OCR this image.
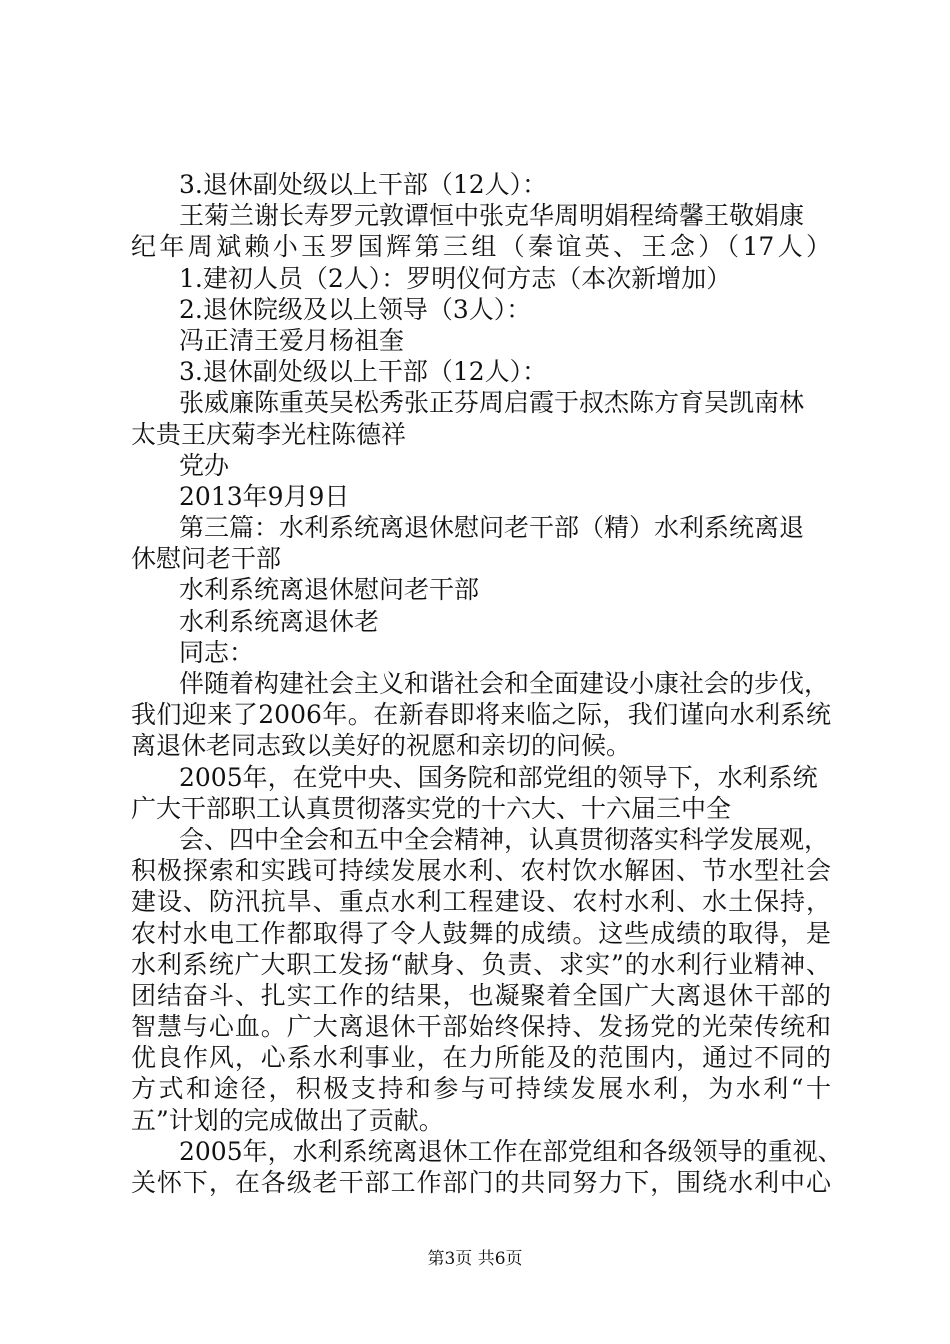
3.退休副处级以上干部（12人）：
王菊兰谢长寿罗元敦谭恒中张克华周明娟程绮馨王敬娟康
纪年周斌赖小玉罗国辉第三组（秦谊英、王念）（17人）
1.建初人员（2人）：罗明仪何方志（本次新增加）
2.退休院级及以上领导（3人）：
冯正清王爱月杨祖奎
3.退休副处级以上干部（12人）：
张威廉陈重英吴松秀张正芬周启霞于叔杰陈方育吴凯南林
太贵王庆菊李光柱陈德祥
党办
2013年9月9日
第三篇：水利系统离退休慰问老干部（精）水利系统离退
休慰问老干部
水利系统离退休慰问老干部
水利系统离退休老
同志：
伴随着构建社会主义和谐社会和全面建设小康社会的步伐，
我们迎来了2006年。在新春即将来临之际，我们谨向水利系统
离退休老同志致以美好的祝愿和亲切的问候。
2005年，在党中央、国务院和部党组的领导下，水利系统
广大干部职工认真贯彻落实党的十六大、十六届三中全
会、四中全会和五中全会精神，认真贯彻落实科学发展观，
积极探索和实践可持续发展水利、农村饮水解困、节水型社会
建设、防汛抗旱、重点水利工程建设、农村水利、水土保持，
农村水电工作都取得了令人鼓舞的成绩。这些成绩的取得，是
水利系统广大职工发扬“献身、负责、求实”的水利行业精神、
团结奋斗、扎实工作的结果，也凝聚着全国广大离退休干部的
智慧与心血。广大离退休干部始终保持、发扬党的光荣传统和
优良作风，心系水利事业，在力所能及的范围内，通过不同的
方式和途径，积极支持和参与可持续发展水利，为水利“十
五”计划的完成做出了贡献。
2005年，水利系统离退休工作在部党组和各级领导的重视、
关怀下，在各级老干部工作部门的共同努力下，围绕水利中心
第3页 共6页
